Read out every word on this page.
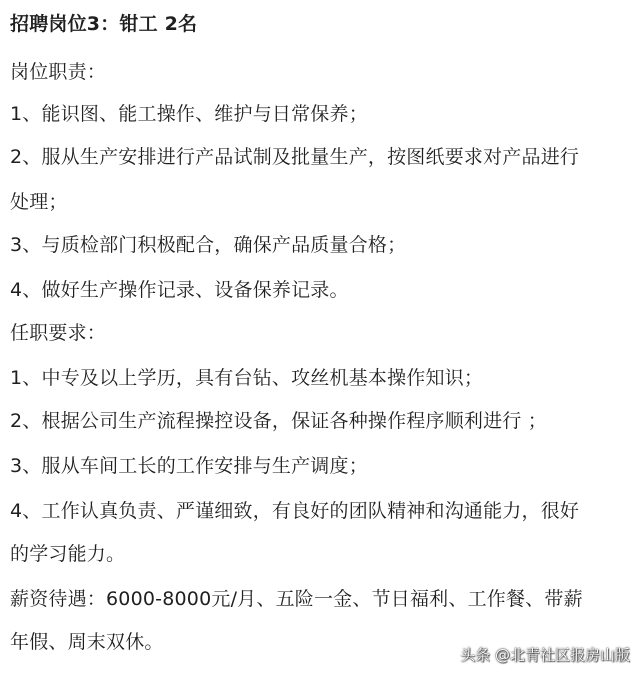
招聘岗位3：钳工 2名
岗位职责：
1、能识图、能工操作、维护与日常保养；
2、服从生产安排进行产品试制及批量生产，按图纸要求对产品进行
处理；
3、与质检部门积极配合，确保产品质量合格；
4、做好生产操作记录、设备保养记录。
任职要求：
1、中专及以上学历，具有台钻、攻丝机基本操作知识；
2、根据公司生产流程操控设备，保证各种操作程序顺利进行 ；
3、服从车间工长的工作安排与生产调度；
4、工作认真负责、严谨细致，有良好的团队精神和沟通能力，很好
的学习能力。
薪资待遇：6000-8000元/月、五险一金、节日福利、工作餐、带薪
年假、周末双休。
头条 @北青社区报房山版
